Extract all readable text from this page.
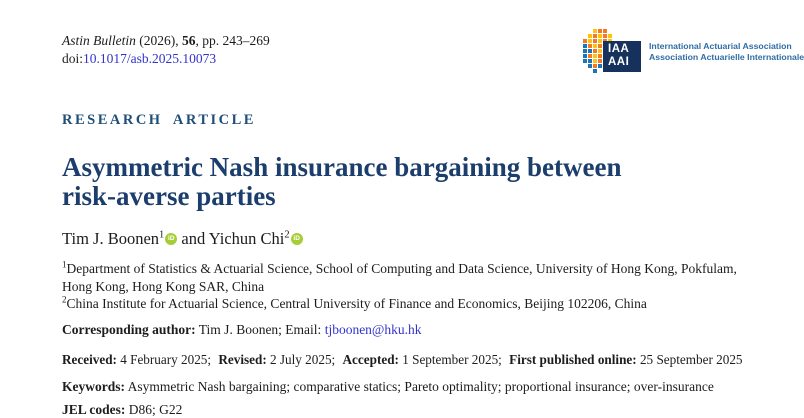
IAA
AAI
International Actuarial Association
Association Actuarielle Internationale
Astin Bulletin (2026), 56, pp. 243–269
doi:10.1017/asb.2025.10073
RESEARCH ARTICLE
Asymmetric Nash insurance bargaining between risk-averse parties
Tim J. Boonen$^1$ iD and Yichun Chi$^2$ iD
$^1$Department of Statistics & Actuarial Science, School of Computing and Data Science, University of Hong Kong, Pokfulam, Hong Kong, Hong Kong SAR, China
$^2$China Institute for Actuarial Science, Central University of Finance and Economics, Beijing 102206, China
Corresponding author: Tim J. Boonen; Email: tjboonen@hku.hk
Received: 4 February 2025; Revised: 2 July 2025; Accepted: 1 September 2025; First published online: 25 September 2025
Keywords: Asymmetric Nash bargaining; comparative statics; Pareto optimality; proportional insurance; over-insurance
JEL codes: D86; G22
